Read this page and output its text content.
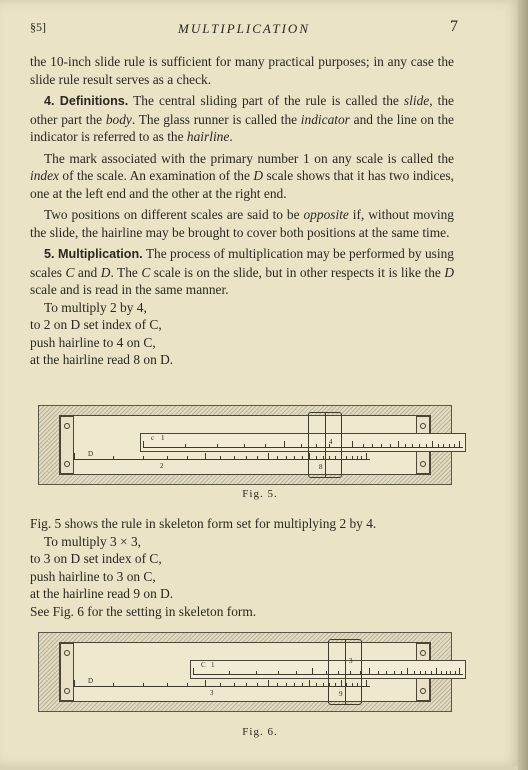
§5]	MULTIPLICATION	7

the 10-inch slide rule is sufficient for many practical purposes; in any case the slide rule result serves as a check.

4. Definitions. The central sliding part of the rule is called the slide, the other part the body. The glass runner is called the indicator and the line on the indicator is referred to as the hairline.

The mark associated with the primary number 1 on any scale is called the index of the scale. An examination of the D scale shows that it has two indices, one at the left end and the other at the right end.

Two positions on different scales are said to be opposite if, without moving the slide, the hairline may be brought to cover both positions at the same time.

5. Multiplication. The process of multiplication may be performed by using scales C and D. The C scale is on the slide, but in other respects it is like the D scale and is read in the same manner.

To multiply 2 by 4,

to 2 on D set index of C,

push hairline to 4 on C,

at the hairline read 8 on D.

c 1
D
2
4
8
Fig. 5.

Fig. 5 shows the rule in skeleton form set for multiplying 2 by 4.

To multiply 3 × 3,

to 3 on D set index of C,

push hairline to 3 on C,

at the hairline read 9 on D.

See Fig. 6 for the setting in skeleton form.

C 1
D
3
3
9
Fig. 6.
